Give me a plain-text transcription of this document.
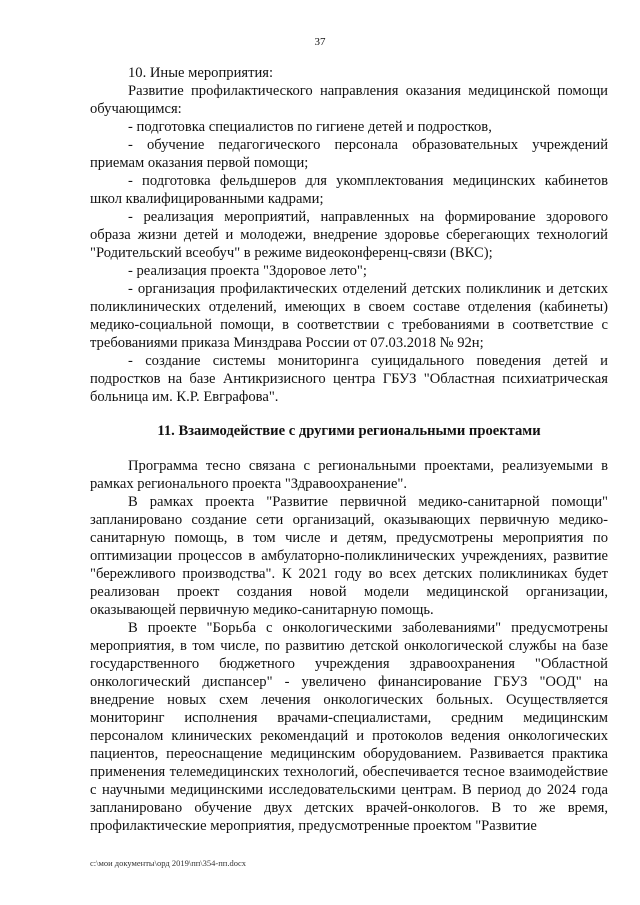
37

10. Иные мероприятия:

Развитие профилактического направления оказания медицинской помощи обучающимся:

- подготовка специалистов по гигиене детей и подростков,

- обучение педагогического персонала образовательных учреждений приемам оказания первой помощи;

- подготовка фельдшеров для укомплектования медицинских кабинетов школ квалифицированными кадрами;

- реализация мероприятий, направленных на формирование здорового образа жизни детей и молодежи, внедрение здоровье сберегающих технологий "Родительский всеобуч" в режиме видеоконференц-связи (ВКС);

- реализация проекта "Здоровое лето";

- организация профилактических отделений детских поликлиник и детских поликлинических отделений, имеющих в своем составе отделения (кабинеты) медико-социальной помощи, в соответствии с требованиями в соответствие с требованиями приказа Минздрава России от 07.03.2018 № 92н;

- создание системы мониторинга суицидального поведения детей и подростков на базе Антикризисного центра ГБУЗ "Областная психиатрическая больница им. К.Р. Евграфова".

11. Взаимодействие с другими региональными проектами

Программа тесно связана с региональными проектами, реализуемыми в рамках регионального проекта "Здравоохранение".

В рамках проекта "Развитие первичной медико-санитарной помощи" запланировано создание сети организаций, оказывающих первичную медико-санитарную помощь, в том числе и детям, предусмотрены мероприятия по оптимизации процессов в амбулаторно-поликлинических учреждениях, развитие "бережливого производства". К 2021 году во всех детских поликлиниках будет реализован проект создания новой модели медицинской организации, оказывающей первичную медико-санитарную помощь.

В проекте "Борьба с онкологическими заболеваниями" предусмотрены мероприятия, в том числе, по развитию детской онкологической службы на базе государственного бюджетного учреждения здравоохранения "Областной онкологический диспансер" - увеличено финансирование ГБУЗ "ООД" на внедрение новых схем лечения онкологических больных. Осуществляется мониторинг исполнения врачами-специалистами, средним медицинским персоналом клинических рекомендаций и протоколов ведения онкологических пациентов, переоснащение медицинским оборудованием. Развивается практика применения телемедицинских технологий, обеспечивается тесное взаимодействие с научными медицинскими исследовательскими центрам. В период до 2024 года запланировано обучение двух детских врачей-онкологов. В то же время, профилактические мероприятия, предусмотренные проектом "Развитие

c:\мои документы\орд 2019\пп\354-пп.docx
